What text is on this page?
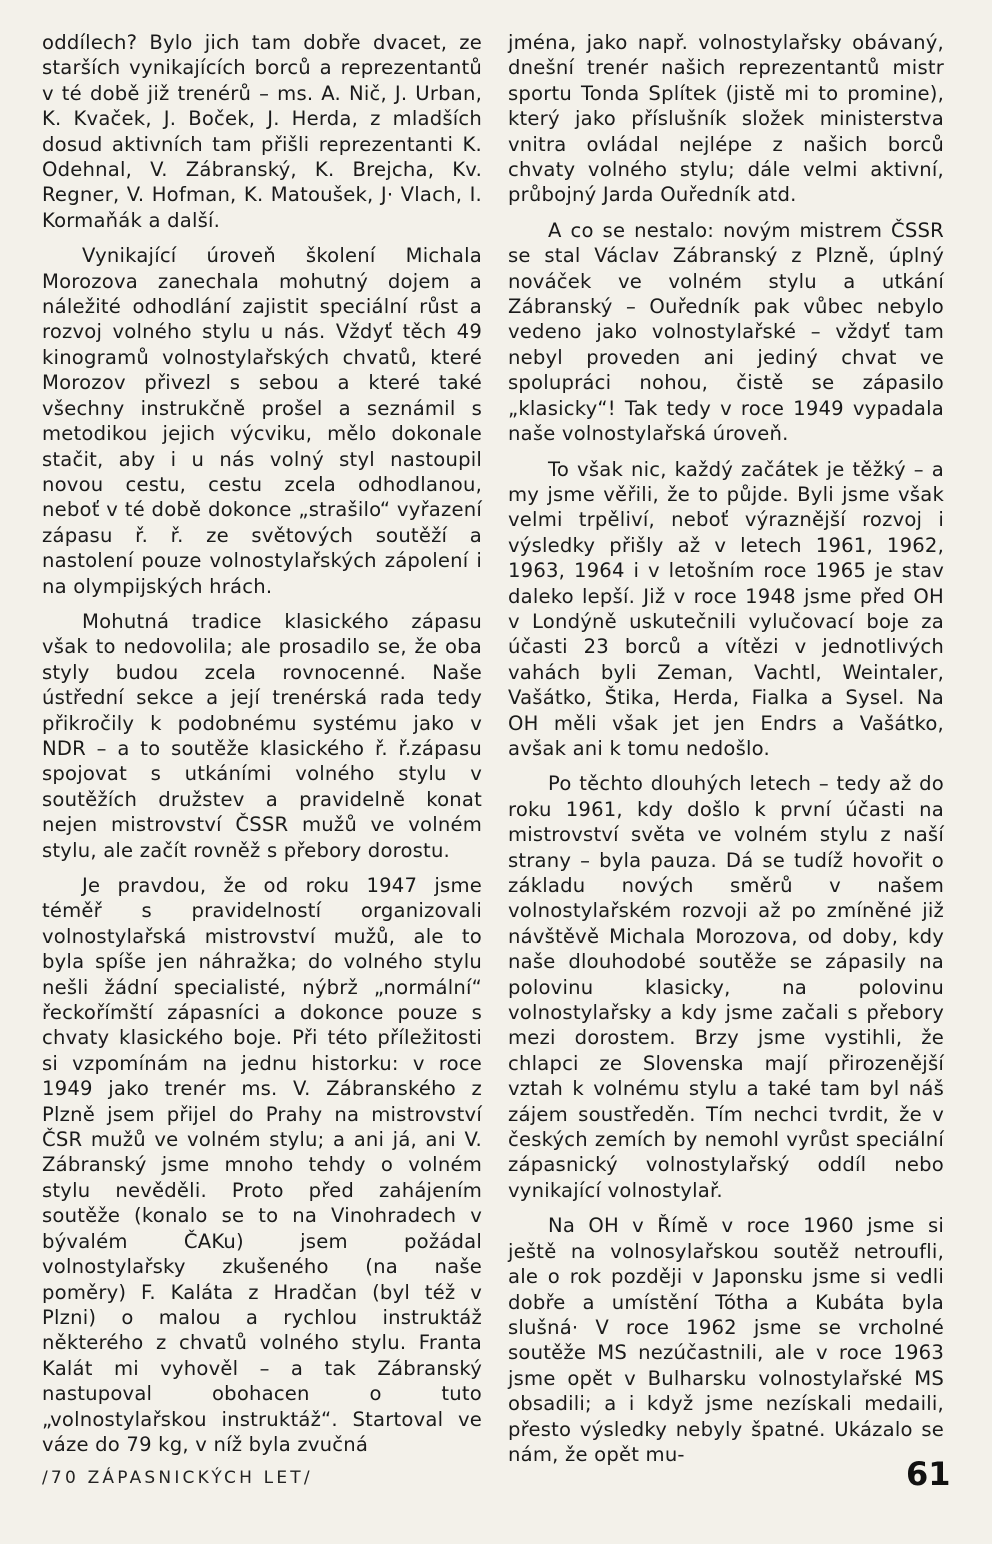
oddílech? Bylo jich tam dobře dvacet, ze starších vynikajících borců a reprezentantů v té době již trenérů – ms. A. Nič, J. Urban, K. Kvaček, J. Boček, J. Herda, z mladších dosud aktivních tam přišli reprezentanti K. Odehnal, V. Zábranský, K. Brejcha, Kv. Regner, V. Hofman, K. Matoušek, J· Vlach, I. Kormaňák a další.

Vynikající úroveň školení Michala Morozova zanechala mohutný dojem a náležité odhodlání zajistit speciální růst a rozvoj volného stylu u nás. Vždyť těch 49 kinogramů volnostylařských chvatů, které Morozov přivezl s sebou a které také všechny instrukčně prošel a seznámil s metodikou jejich výcviku, mělo dokonale stačit, aby i u nás volný styl nastoupil novou cestu, cestu zcela odhodlanou, neboť v té době dokonce „strašilo“ vyřazení zápasu ř. ř. ze světových soutěží a nastolení pouze volnostylařských zápolení i na olympijských hrách.

Mohutná tradice klasického zápasu však to nedovolila; ale prosadilo se, že oba styly budou zcela rovnocenné. Naše ústřední sekce a její trenérská rada tedy přikročily k podobnému systému jako v NDR – a to soutěže klasického ř. ř.zápasu spojovat s utkáními volného stylu v soutěžích družstev a pravidelně konat nejen mistrovství ČSSR mužů ve volném stylu, ale začít rovněž s přebory dorostu.

Je pravdou, že od roku 1947 jsme téměř s pravidelností organizovali volnostylařská mistrovství mužů, ale to byla spíše jen náhražka; do volného stylu nešli žádní specialisté, nýbrž „normální“ řeckořímští zápasníci a dokonce pouze s chvaty klasického boje. Při této příležitosti si vzpomínám na jednu historku: v roce 1949 jako trenér ms. V. Zábranského z Plzně jsem přijel do Prahy na mistrovství ČSR mužů ve volném stylu; a ani já, ani V. Zábranský jsme mnoho tehdy o volném stylu nevěděli. Proto před zahájením soutěže (konalo se to na Vinohradech v bývalém ČAKu) jsem požádal volnostylařsky zkušeného (na naše poměry) F. Kaláta z Hradčan (byl též v Plzni) o malou a rychlou instruktáž některého z chvatů volného stylu. Franta Kalát mi vyhověl – a tak Zábranský nastupoval obohacen o tuto „volnostylařskou instruktáž“. Startoval ve váze do 79 kg, v níž byla zvučná

jména, jako např. volnostylařsky obávaný, dnešní trenér našich reprezentantů mistr sportu Tonda Splítek (jistě mi to promine), který jako příslušník složek ministerstva vnitra ovládal nejlépe z našich borců chvaty volného stylu; dále velmi aktivní, průbojný Jarda Ouředník atd.

A co se nestalo: novým mistrem ČSSR se stal Václav Zábranský z Plzně, úplný nováček ve volném stylu a utkání Zábranský – Ouředník pak vůbec nebylo vedeno jako volnostylařské – vždyť tam nebyl proveden ani jediný chvat ve spolupráci nohou, čistě se zápasilo „klasicky“! Tak tedy v roce 1949 vypadala naše volnostylařská úroveň.

To však nic, každý začátek je těžký – a my jsme věřili, že to půjde. Byli jsme však velmi trpěliví, neboť výraznější rozvoj i výsledky přišly až v letech 1961, 1962, 1963, 1964 i v letošním roce 1965 je stav daleko lepší. Již v roce 1948 jsme před OH v Londýně uskutečnili vylučovací boje za účasti 23 borců a vítězi v jednotlivých vahách byli Zeman, Vachtl, Weintaler, Vašátko, Štika, Herda, Fialka a Sysel. Na OH měli však jet jen Endrs a Vašátko, avšak ani k tomu nedošlo.

Po těchto dlouhých letech – tedy až do roku 1961, kdy došlo k první účasti na mistrovství světa ve volném stylu z naší strany – byla pauza. Dá se tudíž hovořit o základu nových směrů v našem volnostylařském rozvoji až po zmíněné již návštěvě Michala Morozova, od doby, kdy naše dlouhodobé soutěže se zápasily na polovinu klasicky, na polovinu volnostylařsky a kdy jsme začali s přebory mezi dorostem. Brzy jsme vystihli, že chlapci ze Slovenska mají přirozenější vztah k volnému stylu a také tam byl náš zájem soustředěn. Tím nechci tvrdit, že v českých zemích by nemohl vyrůst speciální zápasnický volnostylařský oddíl nebo vynikající volnostylař.

Na OH v Římě v roce 1960 jsme si ještě na volnosylařskou soutěž netroufli, ale o rok později v Japonsku jsme si vedli dobře a umístění Tótha a Kubáta byla slušná· V roce 1962 jsme se vrcholné soutěže MS nezúčastnili, ale v roce 1963 jsme opět v Bulharsku volnostylařské MS obsadili; a i když jsme nezískali medaili, přesto výsledky nebyly špatné. Ukázalo se nám, že opět mu-

/70 ZÁPASNICKÝCH LET/	61
